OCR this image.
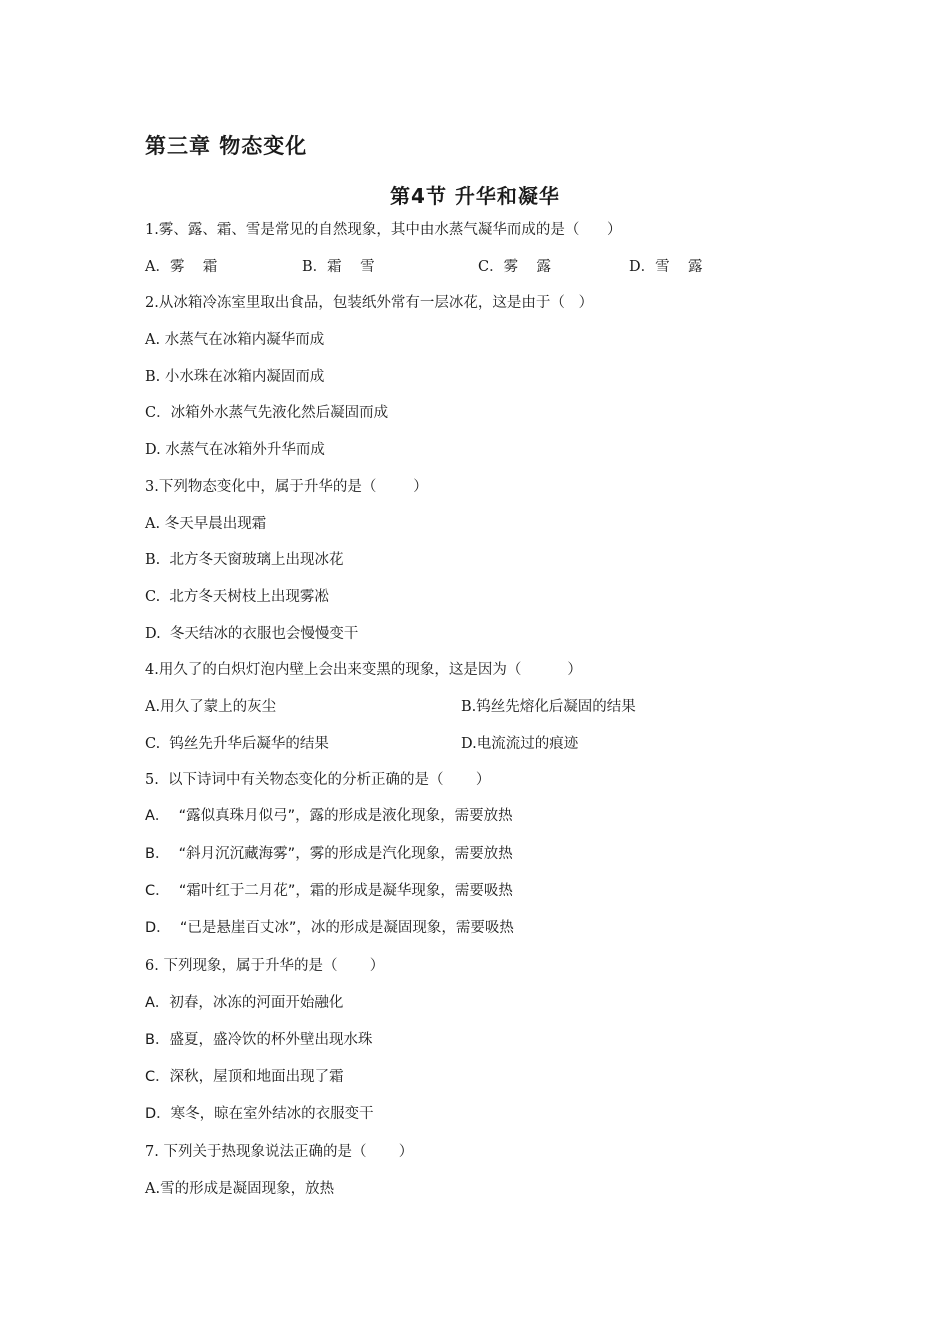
第三章 物态变化
第4节 升华和凝华
1.雾、露、霜、雪是常见的自然现象，其中由水蒸气凝华而成的是（      ）
A．雾    霜	B．霜    雪	C．雾    露	D．雪    露
2.从冰箱冷冻室里取出食品，包装纸外常有一层冰花，这是由于（   ）
A. 水蒸气在冰箱内凝华而成
B. 小水珠在冰箱内凝固而成
C．冰箱外水蒸气先液化然后凝固而成
D. 水蒸气在冰箱外升华而成
3.下列物态变化中，属于升华的是（        ）
A. 冬天早晨出现霜
B.  北方冬天窗玻璃上出现冰花
C.  北方冬天树枝上出现雾凇
D.  冬天结冰的衣服也会慢慢变干
4.用久了的白炽灯泡内壁上会出来变黑的现象，这是因为（          ）
A.用久了蒙上的灰尘	B.钨丝先熔化后凝固的结果
C.  钨丝先升华后凝华的结果	D.电流流过的痕迹
5.  以下诗词中有关物态变化的分析正确的是（       ）
A．  “露似真珠月似弓”，露的形成是液化现象，需要放热
B．  “斜月沉沉藏海雾”，雾的形成是汽化现象，需要放热
C．  “霜叶红于二月花”，霜的形成是凝华现象，需要吸热
D．  “已是悬崖百丈冰”，冰的形成是凝固现象，需要吸热
6. 下列现象，属于升华的是（       ）
A．初春，冰冻的河面开始融化
B．盛夏，盛冷饮的杯外壁出现水珠
C．深秋，屋顶和地面出现了霜
D．寒冬，晾在室外结冰的衣服变干
7. 下列关于热现象说法正确的是（       ）
A.雪的形成是凝固现象，放热
